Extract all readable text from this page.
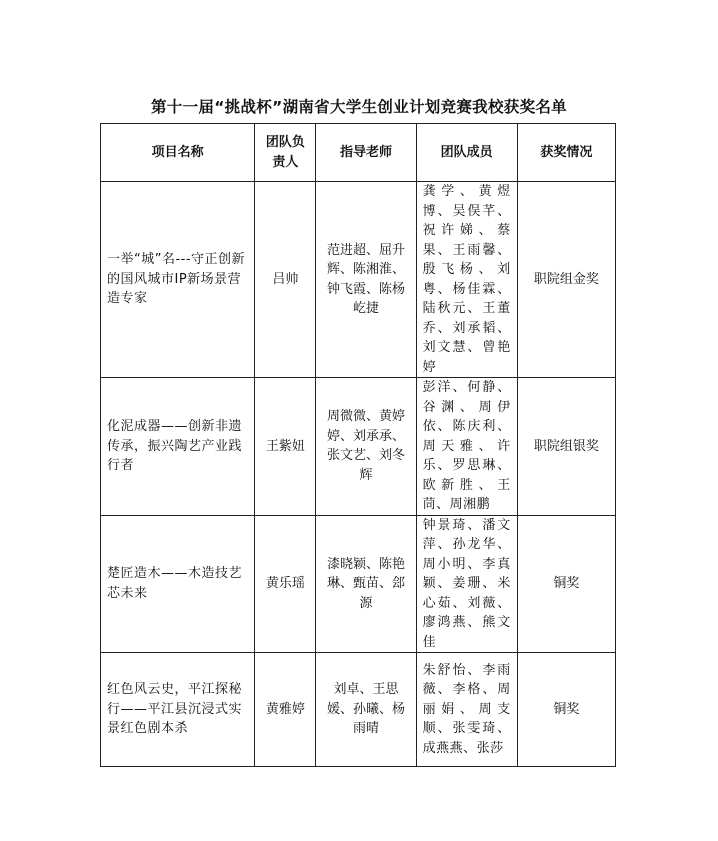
第十一届“挑战杯”湖南省大学生创业计划竞赛我校获奖名单
项目名称	团队负责人	指导老师	团队成员	获奖情况
一举“城”名---守正创新的国风城市IP新场景营造专家	吕帅	范进超、屈升辉、陈湘淮、钟飞霞、陈杨屹捷	龚学、黄煜博、吴俣芊、祝许娣、蔡果、王雨馨、殷飞杨、刘粤、杨佳霖、陆秋元、王董乔、刘承韬、刘文慧、曾艳婷	职院组金奖
化泥成器——创新非遗传承，振兴陶艺产业践行者	王紫妞	周微微、黄婷婷、刘承承、张文艺、刘冬辉	彭洋、何静、谷渊、周伊依、陈庆利、周天雅、许乐、罗思琳、欧新胜、王茼、周湘鹏	职院组银奖
楚匠造木——木造技艺芯未来	黄乐瑶	漆晓颖、陈艳琳、甄苗、郐源	钟景琦、潘文萍、孙龙华、周小明、李真颖、姜珊、米心茹、刘薇、廖鸿燕、熊文佳	铜奖
红色风云史，平江探秘行——平江县沉浸式实景红色剧本杀	黄雅婷	刘卓、王思媛、孙曦、杨雨晴	朱舒怡、李雨薇、李格、周丽娟、周支顺、张雯琦、成燕燕、张莎	铜奖
